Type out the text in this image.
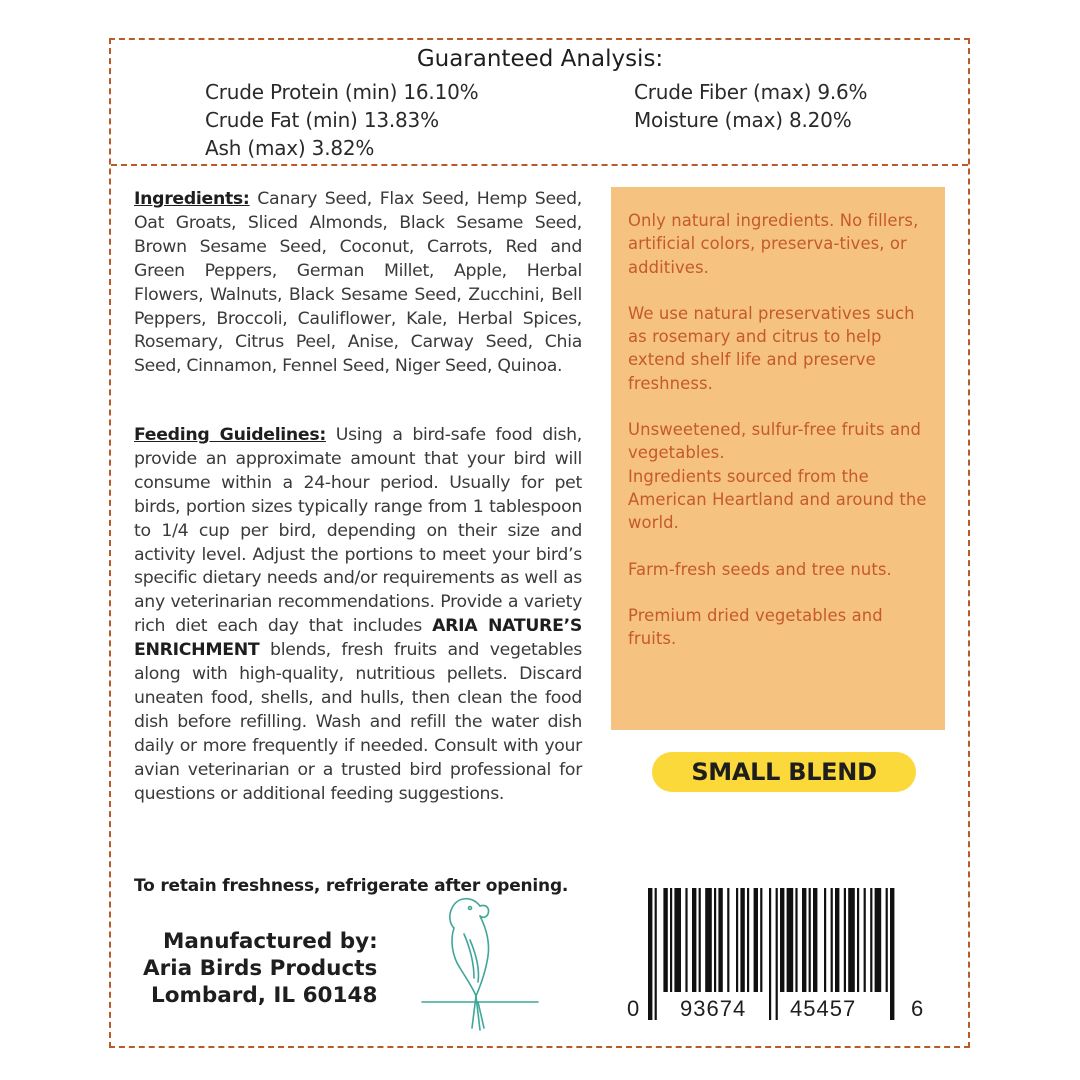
Guaranteed Analysis:
Crude Protein (min) 16.10%
Crude Fat (min) 13.83%
Ash (max) 3.82%
Crude Fiber (max) 9.6%
Moisture (max) 8.20%
Ingredients: Canary Seed, Flax Seed, Hemp Seed, Oat Groats, Sliced Almonds, Black Sesame Seed, Brown Sesame Seed, Coconut, Carrots, Red and Green Peppers, German Millet, Apple, Herbal Flowers, Walnuts, Black Sesame Seed, Zucchini, Bell Peppers, Broccoli, Cauliflower, Kale, Herbal Spices, Rosemary, Citrus Peel, Anise, Carway Seed, Chia Seed, Cinnamon, Fennel Seed, Niger Seed, Quinoa.
Feeding Guidelines: Using a bird-safe food dish, provide an approximate amount that your bird will consume within a 24-hour period. Usually for pet birds, portion sizes typically range from 1 tablespoon to 1/4 cup per bird, depending on their size and activity level. Adjust the portions to meet your bird’s specific dietary needs and/or requirements as well as any veterinarian recommendations. Provide a variety rich diet each day that includes ARIA NATURE’S ENRICHMENT blends, fresh fruits and vegetables along with high-quality, nutritious pellets. Discard uneaten food, shells, and hulls, then clean the food dish before refilling. Wash and refill the water dish daily or more frequently if needed. Consult with your avian veterinarian or a trusted bird professional for questions or additional feeding suggestions.
To retain freshness, refrigerate after opening.
Manufactured by:
Aria Birds Products
Lombard, IL 60148

Only natural ingredients. No fillers, artificial colors, preserva-tives, or additives.

We use natural preservatives such as rosemary and citrus to help extend shelf life and preserve freshness.

Unsweetened, sulfur-free fruits and vegetables.

Ingredients sourced from the American Heartland and around the world.

Farm-fresh seeds and tree nuts.

Premium dried vegetables and fruits.

SMALL BLEND
0 93674 45457 6
